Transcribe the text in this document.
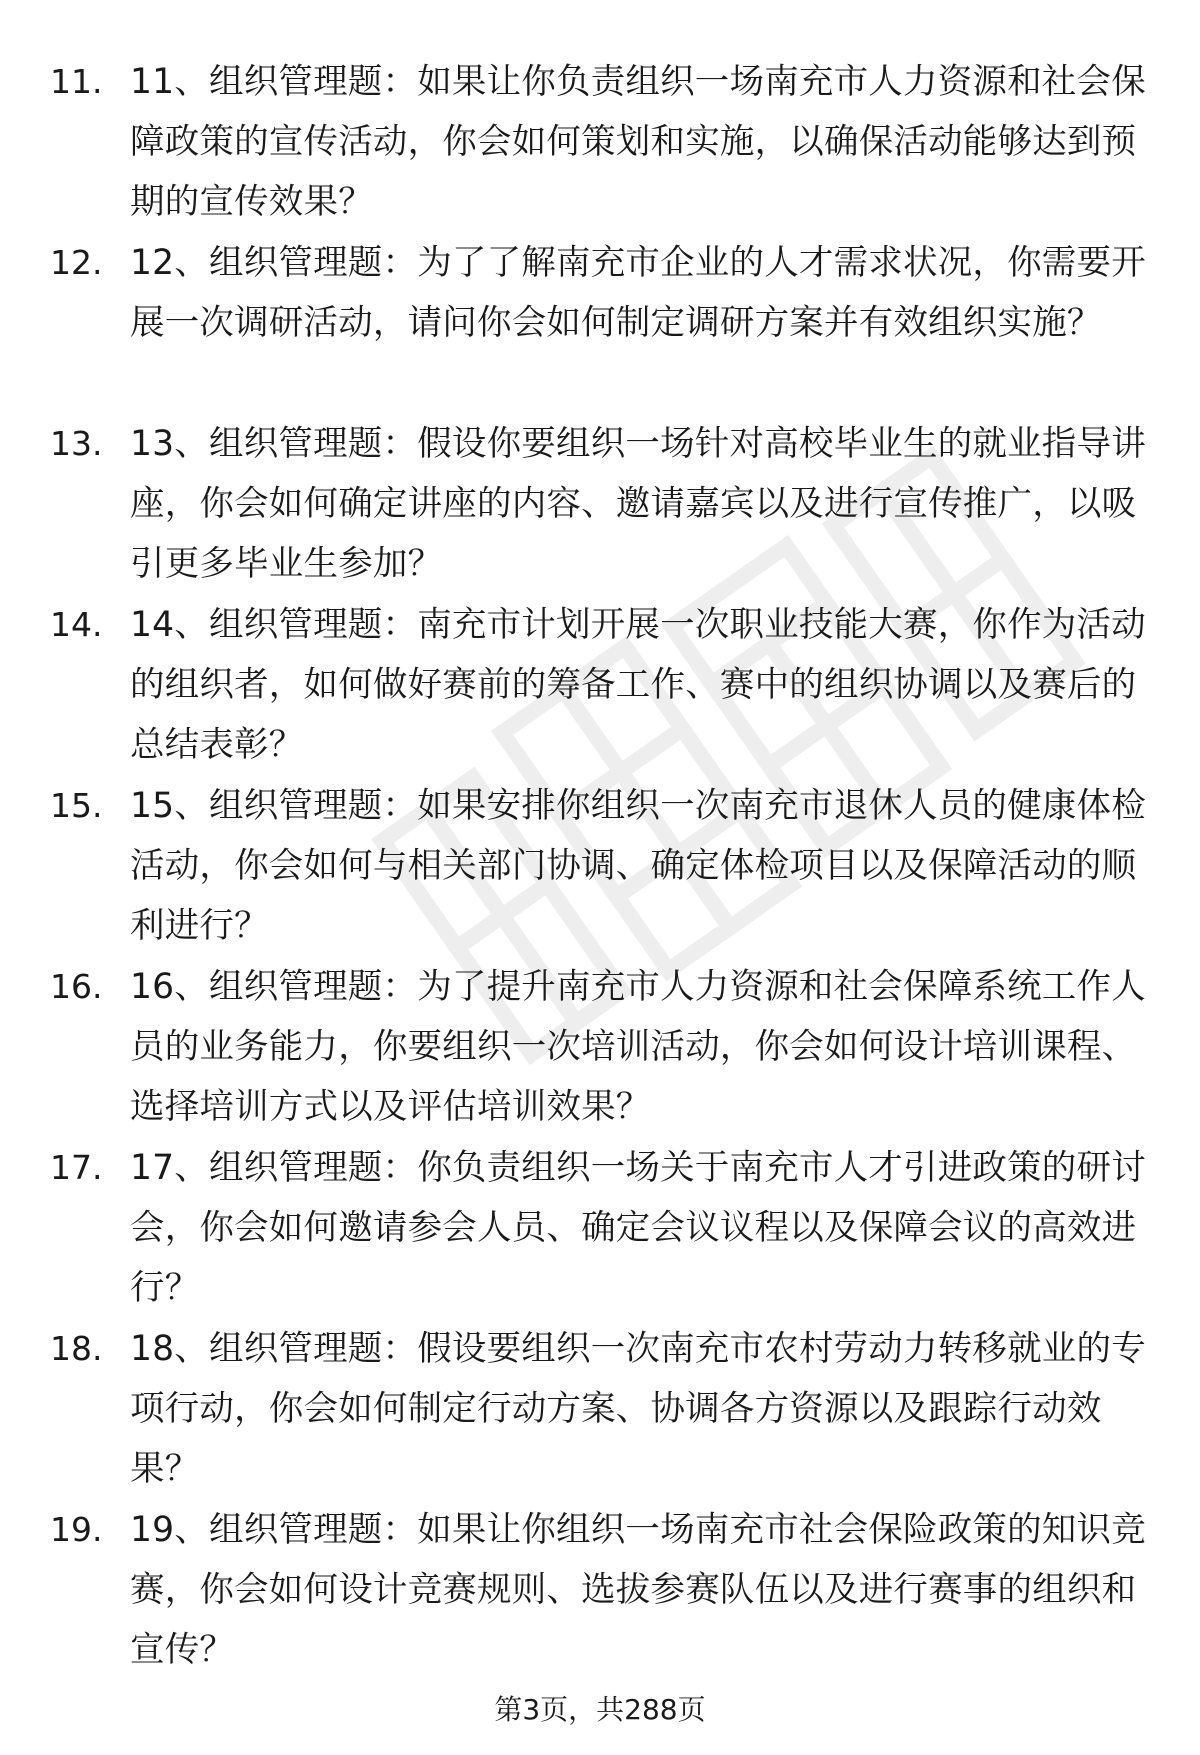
11. 11、组织管理题：如果让你负责组织一场南充市人力资源和社会保障政策的宣传活动，你会如何策划和实施，以确保活动能够达到预期的宣传效果？
12. 12、组织管理题：为了了解南充市企业的人才需求状况，你需要开展一次调研活动，请问你会如何制定调研方案并有效组织实施？
13. 13、组织管理题：假设你要组织一场针对高校毕业生的就业指导讲座，你会如何确定讲座的内容、邀请嘉宾以及进行宣传推广，以吸引更多毕业生参加？
14. 14、组织管理题：南充市计划开展一次职业技能大赛，你作为活动的组织者，如何做好赛前的筹备工作、赛中的组织协调以及赛后的总结表彰？
15. 15、组织管理题：如果安排你组织一次南充市退休人员的健康体检活动，你会如何与相关部门协调、确定体检项目以及保障活动的顺利进行？
16. 16、组织管理题：为了提升南充市人力资源和社会保障系统工作人员的业务能力，你要组织一次培训活动，你会如何设计培训课程、选择培训方式以及评估培训效果？
17. 17、组织管理题：你负责组织一场关于南充市人才引进政策的研讨会，你会如何邀请参会人员、确定会议议程以及保障会议的高效进行？
18. 18、组织管理题：假设要组织一次南充市农村劳动力转移就业的专项行动，你会如何制定行动方案、协调各方资源以及跟踪行动效果？
19. 19、组织管理题：如果让你组织一场南充市社会保险政策的知识竞赛，你会如何设计竞赛规则、选拔参赛队伍以及进行赛事的组织和宣传？
第3页，共288页
